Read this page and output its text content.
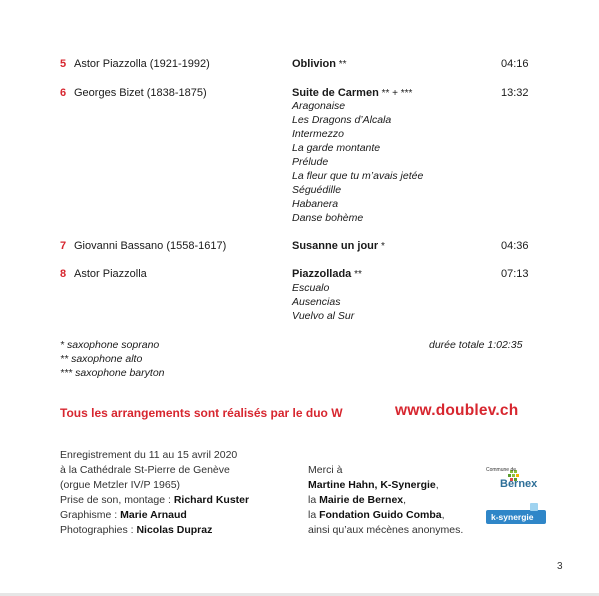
5 Astor Piazzolla (1921-1992)	Oblivion **	04:16
6 Georges Bizet (1838-1875)	Suite de Carmen ** + ***	13:32
Aragonaise
Les Dragons d’Alcala
Intermezzo
La garde montante
Prélude
La fleur que tu m’avais jetée
Séguédille
Habanera
Danse bohème
7 Giovanni Bassano (1558-1617)	Susanne un jour *	04:36
8 Astor Piazzolla	Piazzollada **	07:13
Escualo
Ausencias
Vuelvo al Sur
* saxophone soprano
** saxophone alto
*** saxophone baryton
durée totale 1:02:35
Tous les arrangements sont réalisés par le duo W	www.doublev.ch
Enregistrement du 11 au 15 avril 2020
à la Cathédrale St-Pierre de Genève
(orgue Metzler IV/P 1965)
Prise de son, montage : Richard Kuster
Graphisme : Marie Arnaud
Photographies : Nicolas Dupraz
Merci à
Martine Hahn, K-Synergie,
la Mairie de Bernex,
la Fondation Guido Comba,
ainsi qu’aux mécènes anonymes.
Commune de
Bernex
k-synergie
3
